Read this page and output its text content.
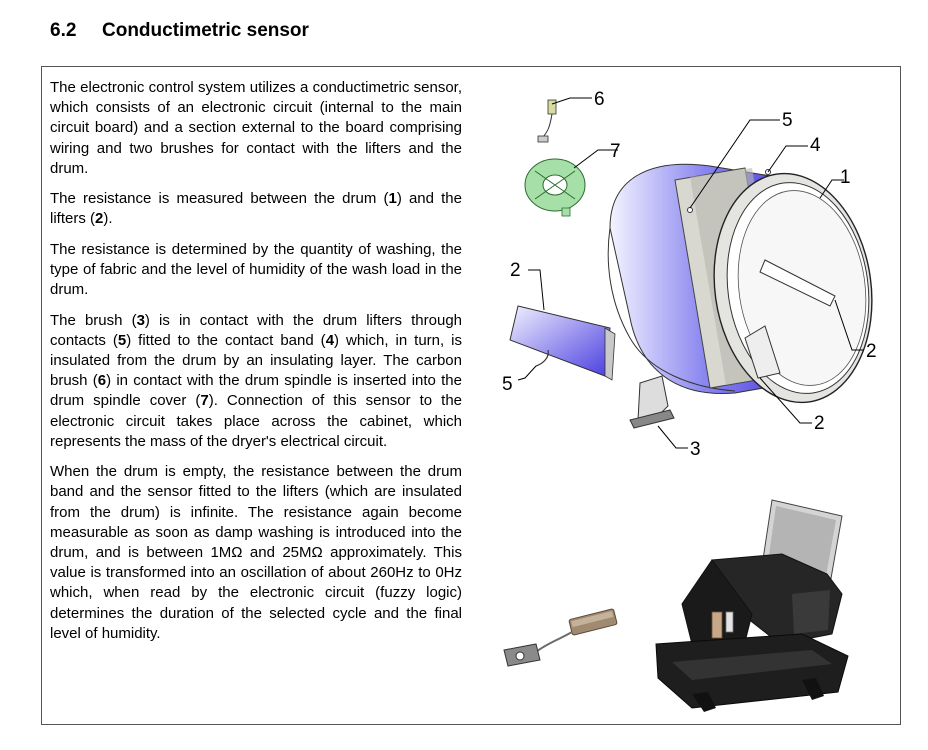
6.2 Conductimetric sensor

The electronic control system utilizes a conductimetric sensor, which consists of an electronic circuit (internal to the main circuit board) and a section external to the board comprising wiring and two brushes for contact with the lifters and the drum.

The resistance is measured between the drum (1) and the lifters (2).

The resistance is determined by the quantity of washing, the type of fabric and the level of humidity of the wash load in the drum.

The brush (3) is in contact with the drum lifters through contacts (5) fitted to the contact band (4) which, in turn, is insulated from the drum by an insulating layer. The carbon brush (6) in contact with the drum spindle is inserted into the drum spindle cover (7). Connection of this sensor to the electronic circuit takes place across the cabinet, which represents the mass of the dryer's electrical circuit.

When the drum is empty, the resistance between the drum band and the sensor fitted to the lifters (which are insulated from the drum) is infinite. The resistance again become measurable as soon as damp washing is introduced into the drum, and is between 1MΩ and 25MΩ approximately. This value is transformed into an oscillation of about 260Hz to 0Hz which, when read by the electronic circuit (fuzzy logic) determines the duration of the selected cycle and the final level of humidity.

6
5
4
7
1
2
2
2
5
3
